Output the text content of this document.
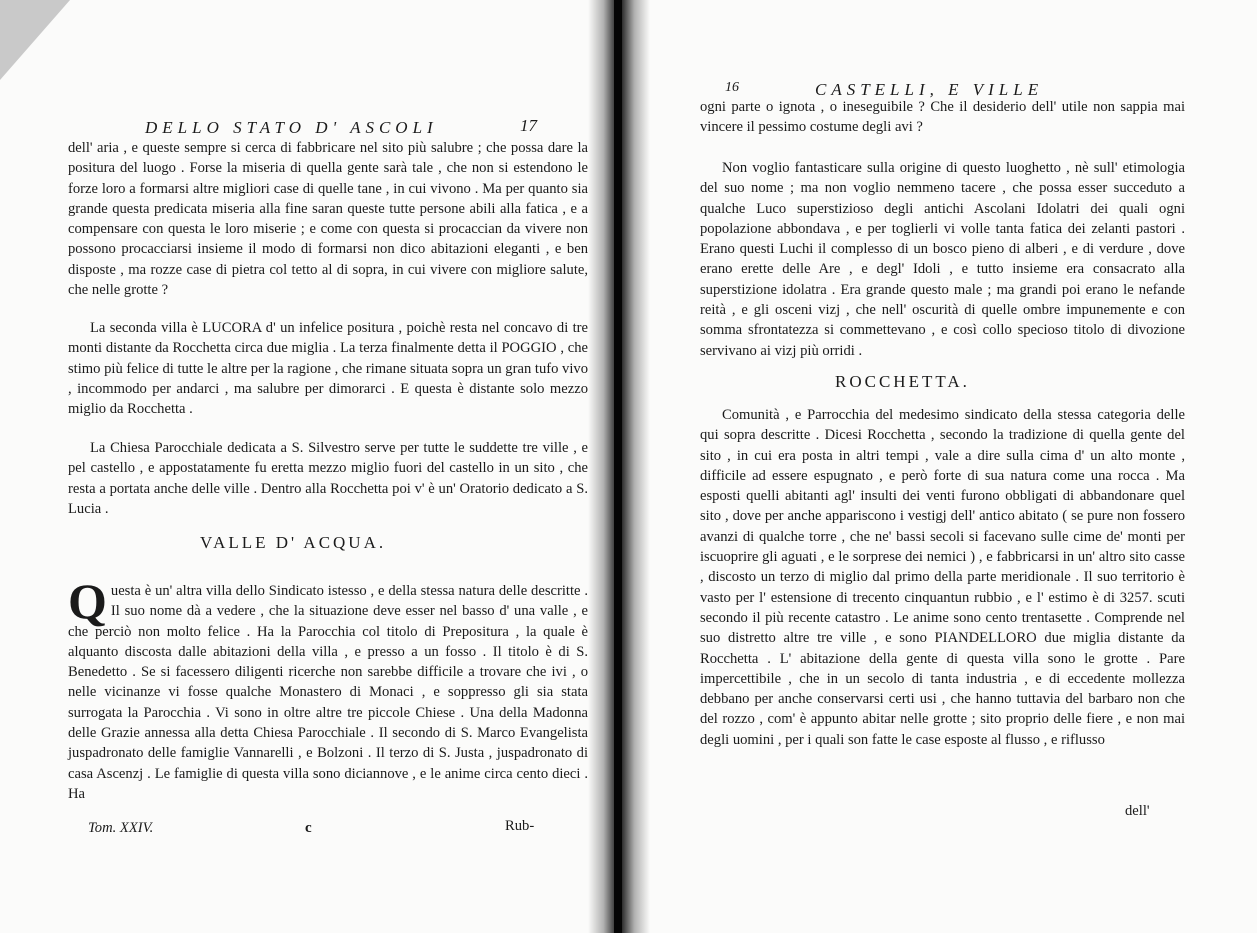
DELLO STATO D' ASCOLI	17

dell' aria , e queste sempre si cerca di fabbricare nel sito più salubre ; che possa dare la positura del luogo . Forse la miseria di quella gente sarà tale , che non si estendono le forze loro a formarsi altre migliori case di quelle tane , in cui vivono . Ma per quanto sia grande questa predicata miseria alla fine saran queste tutte persone abili alla fatica , e a compensare con questa le loro miserie ; e come con questa si procaccian da vivere non possono procacciarsi insieme il modo di formarsi non dico abitazioni eleganti , e ben disposte , ma rozze case di pietra col tetto al di sopra, in cui vivere con migliore salute, che nelle grotte ?

La seconda villa è LUCORA d' un infelice positura , poichè resta nel concavo di tre monti distante da Rocchetta circa due miglia . La terza finalmente detta il POGGIO , che stimo più felice di tutte le altre per la ragione , che rimane situata sopra un gran tufo vivo , incommodo per andarci , ma salubre per dimorarci . E questa è distante solo mezzo miglio da Rocchetta .

La Chiesa Parocchiale dedicata a S. Silvestro serve per tutte le suddette tre ville , e pel castello , e appostatamente fu eretta mezzo miglio fuori del castello in un sito , che resta a portata anche delle ville . Dentro alla Rocchetta poi v' è un' Oratorio dedicato a S. Lucia .

VALLE D' ACQUA.
Q uesta è un' altra villa dello Sindicato istesso , e della stessa natura delle descritte . Il suo nome dà a vedere , che la situazione deve esser nel basso d' una valle , e che perciò non molto felice . Ha la Parocchia col titolo di Prepositura , la quale è alquanto discosta dalle abitazioni della villa , e presso a un fosso . Il titolo è di S. Benedetto . Se si facessero diligenti ricerche non sarebbe difficile a trovare che ivi , o nelle vicinanze vi fosse qualche Monastero di Monaci , e soppresso gli sia stata surrogata la Parocchia . Vi sono in oltre altre tre piccole Chiese . Una della Madonna delle Grazie annessa alla detta Chiesa Parocchiale . Il secondo di S. Marco Evangelista juspadronato delle famiglie Vannarelli , e Bolzoni . Il terzo di S. Justa , juspadronato di casa Ascenzj . Le famiglie di questa villa sono diciannove , e le anime circa cento dieci . Ha

Tom. XXIV.	c	Rub-
16	CASTELLI, E VILLE

ogni parte o ignota , o ineseguibile ? Che il desiderio dell' utile non sappia mai vincere il pessimo costume degli avi ?

Non voglio fantasticare sulla origine di questo luoghetto , nè sull' etimologia del suo nome ; ma non voglio nemmeno tacere , che possa esser succeduto a qualche Luco superstizioso degli antichi Ascolani Idolatri dei quali ogni popolazione abbondava , e per toglierli vi volle tanta fatica dei zelanti pastori . Erano questi Luchi il complesso di un bosco pieno di alberi , e di verdure , dove erano erette delle Are , e degl' Idoli , e tutto insieme era consacrato alla superstizione idolatra . Era grande questo male ; ma grandi poi erano le nefande reità , e gli osceni vizj , che nell' oscurità di quelle ombre impunemente e con somma sfrontatezza si commettevano , e così collo specioso titolo di divozione servivano ai vizj più orridi .

ROCCHETTA.

Comunità , e Parrocchia del medesimo sindicato della stessa categoria delle qui sopra descritte . Dicesi Rocchetta , secondo la tradizione di quella gente del sito , in cui era posta in altri tempi , vale a dire sulla cima d' un alto monte , difficile ad essere espugnato , e però forte di sua natura come una rocca . Ma esposti quelli abitanti agl' insulti dei venti furono obbligati di abbandonare quel sito , dove per anche appariscono i vestigj dell' antico abitato ( se pure non fossero avanzi di qualche torre , che ne' bassi secoli si facevano sulle cime de' monti per iscuoprire gli aguati , e le sorprese dei nemici ) , e fabbricarsi in un' altro sito casse , discosto un terzo di miglio dal primo della parte meridionale . Il suo territorio è vasto per l' estensione di trecento cinquantun rubbio , e l' estimo è di 3257. scuti secondo il più recente catastro . Le anime sono cento trentasette . Comprende nel suo distretto altre tre ville , e sono PIANDELLORO due miglia distante da Rocchetta . L' abitazione della gente di questa villa sono le grotte . Pare impercettibile , che in un secolo di tanta industria , e di eccedente mollezza debbano per anche conservarsi certi usi , che hanno tuttavia del barbaro non che del rozzo , com' è appunto abitar nelle grotte ; sito proprio delle fiere , e non mai degli uomini , per i quali son fatte le case esposte al flusso , e riflusso

dell'
